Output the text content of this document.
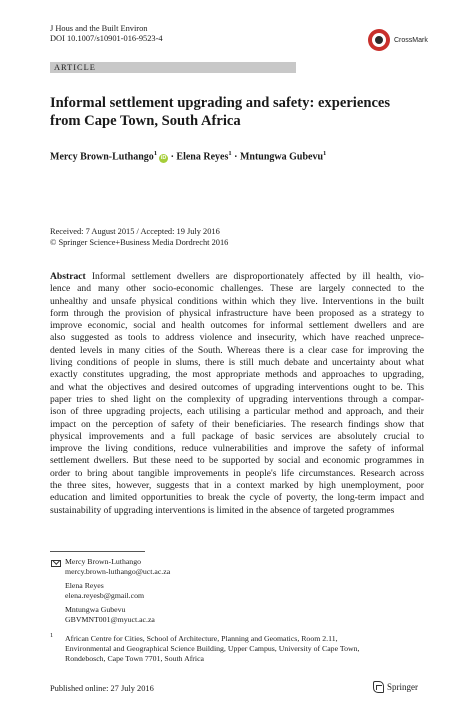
J Hous and the Built Environ
DOI 10.1007/s10901-016-9523-4	CrossMark
ARTICLE
Informal settlement upgrading and safety: experiences
from Cape Town, South Africa
Mercy Brown-Luthango$^1$iD · Elena Reyes$^1$ · Mntungwa Gubevu$^1$
Received: 7 August 2015 / Accepted: 19 July 2016
© Springer Science+Business Media Dordrecht 2016
Abstract Informal settlement dwellers are disproportionately affected by ill health, vio-
lence and many other socio-economic challenges. These are largely connected to the
unhealthy and unsafe physical conditions within which they live. Interventions in the built
form through the provision of physical infrastructure have been proposed as a strategy to
improve economic, social and health outcomes for informal settlement dwellers and are
also suggested as tools to address violence and insecurity, which have reached unprece-
dented levels in many cities of the South. Whereas there is a clear case for improving the
living conditions of people in slums, there is still much debate and uncertainty about what
exactly constitutes upgrading, the most appropriate methods and approaches to upgrading,
and what the objectives and desired outcomes of upgrading interventions ought to be. This
paper tries to shed light on the complexity of upgrading interventions through a compar-
ison of three upgrading projects, each utilising a particular method and approach, and their
impact on the perception of safety of their beneficiaries. The research findings show that
physical improvements and a full package of basic services are absolutely crucial to
improve the living conditions, reduce vulnerabilities and improve the safety of informal
settlement dwellers. But these need to be supported by social and economic programmes in
order to bring about tangible improvements in people's life circumstances. Research across
the three sites, however, suggests that in a context marked by high unemployment, poor
education and limited opportunities to break the cycle of poverty, the long-term impact and
sustainability of upgrading interventions is limited in the absence of targeted programmes
Mercy Brown-Luthango
mercy.brown-luthango@uct.ac.za
Elena Reyes
elena.reyesb@gmail.com
Mntungwa Gubevu
GBVMNT001@myuct.ac.za
1 African Centre for Cities, School of Architecture, Planning and Geomatics, Room 2.11,
Environmental and Geographical Science Building, Upper Campus, University of Cape Town,
Rondebosch, Cape Town 7701, South Africa
Published online: 27 July 2016	Springer
